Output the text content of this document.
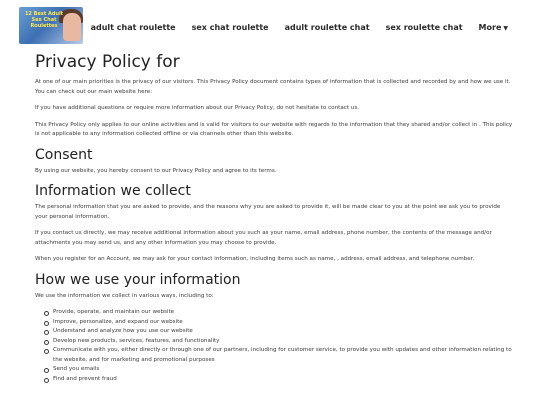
12 Best Adult Sex Chat Roulettes	adult chat roulette sex chat roulette adult roulette chat sex roulette chat More ▼
Privacy Policy for

At one of our main priorities is the privacy of our visitors. This Privacy Policy document contains types of information that is collected and recorded by and how we use it. You can check out our main website here:

If you have additional questions or require more information about our Privacy Policy, do not hesitate to contact us.

This Privacy Policy only applies to our online activities and is valid for visitors to our website with regards to the information that they shared and/or collect in . This policy is not applicable to any information collected offline or via channels other than this website.

Consent

By using our website, you hereby consent to our Privacy Policy and agree to its terms.

Information we collect

The personal information that you are asked to provide, and the reasons why you are asked to provide it, will be made clear to you at the point we ask you to provide your personal information.

If you contact us directly, we may receive additional information about you such as your name, email address, phone number, the contents of the message and/or attachments you may send us, and any other information you may choose to provide.

When you register for an Account, we may ask for your contact information, including items such as name, , address, email address, and telephone number.

How we use your information

We use the information we collect in various ways, including to:

Provide, operate, and maintain our website
Improve, personalize, and expand our website
Understand and analyze how you use our website
Develop new products, services, features, and functionality
Communicate with you, either directly or through one of our partners, including for customer service, to provide you with updates and other information relating to the website, and for marketing and promotional purposes
Send you emails
Find and prevent fraud
